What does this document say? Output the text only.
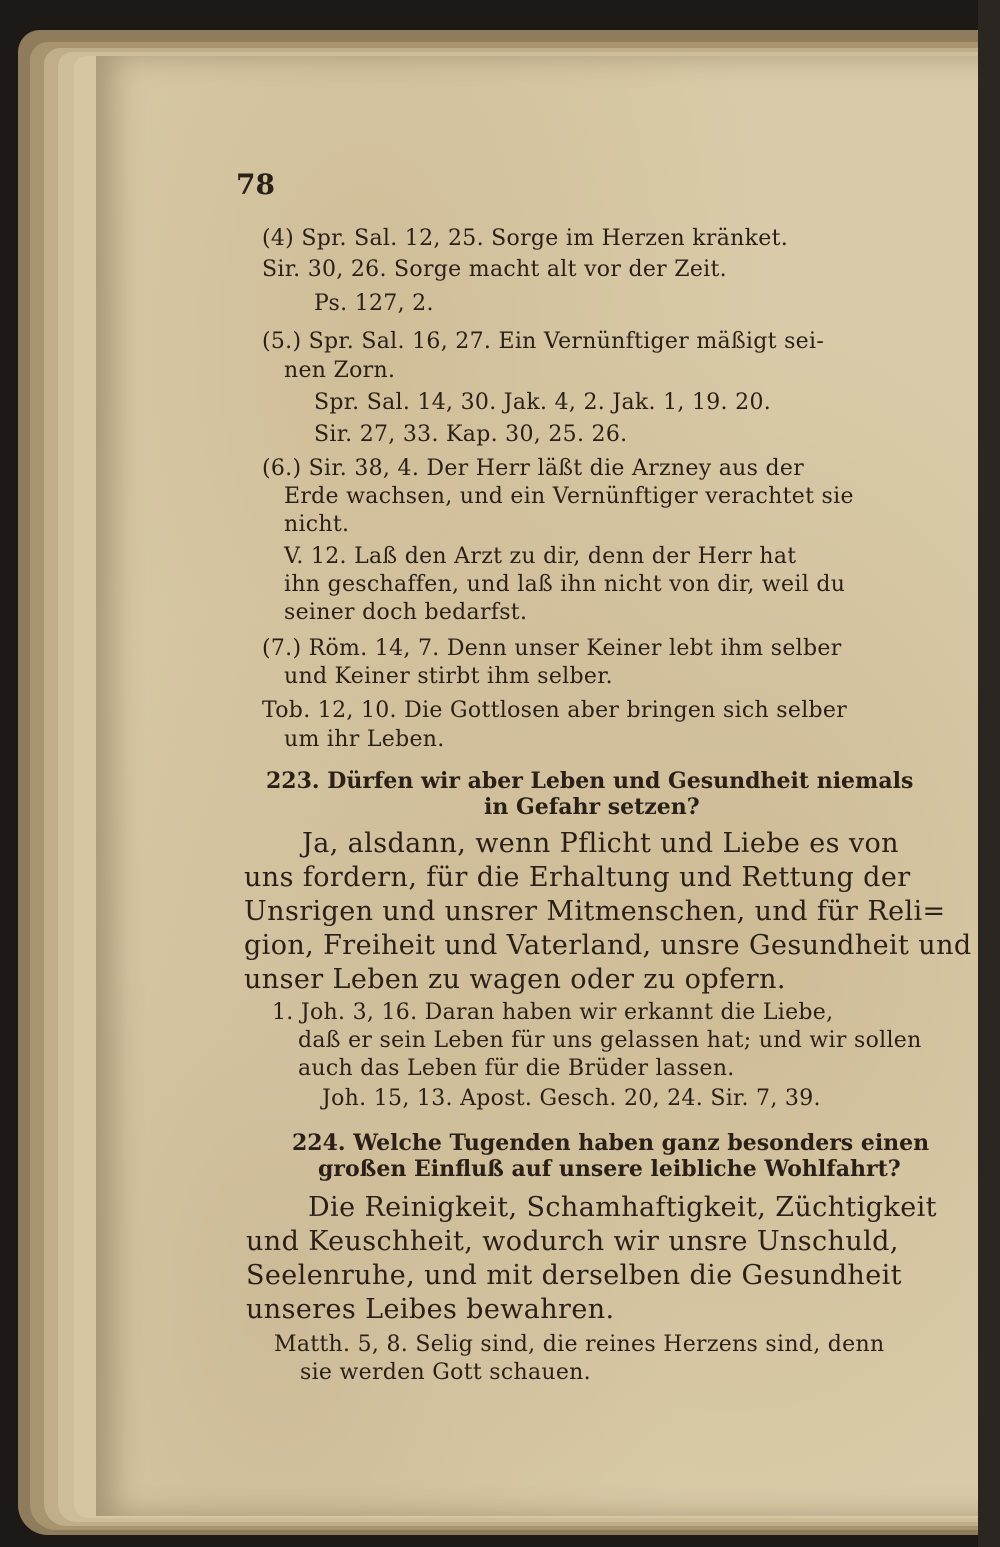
78
(4) Spr. Sal. 12, 25. Sorge im Herzen kränket.
Sir. 30, 26. Sorge macht alt vor der Zeit.
Ps. 127, 2.
(5.) Spr. Sal. 16, 27. Ein Vernünftiger mäßigt sei-
nen Zorn.
Spr. Sal. 14, 30. Jak. 4, 2. Jak. 1, 19. 20.
Sir. 27, 33. Kap. 30, 25. 26.
(6.) Sir. 38, 4. Der Herr läßt die Arzney aus der
Erde wachsen, und ein Vernünftiger verachtet sie
nicht.
V. 12. Laß den Arzt zu dir, denn der Herr hat
ihn geschaffen, und laß ihn nicht von dir, weil du
seiner doch bedarfst.
(7.) Röm. 14, 7. Denn unser Keiner lebt ihm selber
und Keiner stirbt ihm selber.
Tob. 12, 10. Die Gottlosen aber bringen sich selber
um ihr Leben.
223. Dürfen wir aber Leben und Gesundheit niemals
in Gefahr setzen?
Ja, alsdann, wenn Pflicht und Liebe es von
uns fordern, für die Erhaltung und Rettung der
Unsrigen und unsrer Mitmenschen, und für Reli=
gion, Freiheit und Vaterland, unsre Gesundheit und
unser Leben zu wagen oder zu opfern.
1. Joh. 3, 16. Daran haben wir erkannt die Liebe,
daß er sein Leben für uns gelassen hat; und wir sollen
auch das Leben für die Brüder lassen.
Joh. 15, 13. Apost. Gesch. 20, 24. Sir. 7, 39.
224. Welche Tugenden haben ganz besonders einen
großen Einfluß auf unsere leibliche Wohlfahrt?
Die Reinigkeit, Schamhaftigkeit, Züchtigkeit
und Keuschheit, wodurch wir unsre Unschuld,
Seelenruhe, und mit derselben die Gesundheit
unseres Leibes bewahren.
Matth. 5, 8. Selig sind, die reines Herzens sind, denn
sie werden Gott schauen.
